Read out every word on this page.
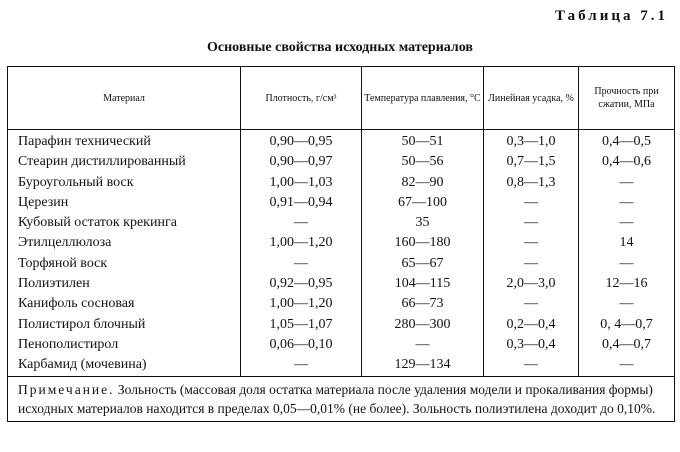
Таблица 7.1
Основные свойства исходных материалов
Материал	Плотность, г/см³	Температура плавления, °С	Линейная усадка, %	Прочность при сжатии, МПа
Парафин технический	0,90—0,95	50—51	0,3—1,0	0,4—0,5
Стеарин дистиллированный	0,90—0,97	50—56	0,7—1,5	0,4—0,6
Буроугольный воск	1,00—1,03	82—90	0,8—1,3	—
Церезин	0,91—0,94	67—100	—	—
Кубовый остаток крекинга	—	35	—	—
Этилцеллюлоза	1,00—1,20	160—180	—	14
Торфяной воск	—	65—67	—	—
Полиэтилен	0,92—0,95	104—115	2,0—3,0	12—16
Канифоль сосновая	1,00—1,20	66—73	—	—
Полистирол блочный	1,05—1,07	280—300	0,2—0,4	0, 4—0,7
Пенополистирол	0,06—0,10	—	0,3—0,4	0,4—0,7
Карбамид (мочевина)	—	129—134	—	—
Примечание. Зольность (массовая доля остатка материала после удаления модели и прокаливания формы) исходных материалов находится в пределах 0,05—0,01% (не более). Зольность полиэтилена доходит до 0,10%.				
